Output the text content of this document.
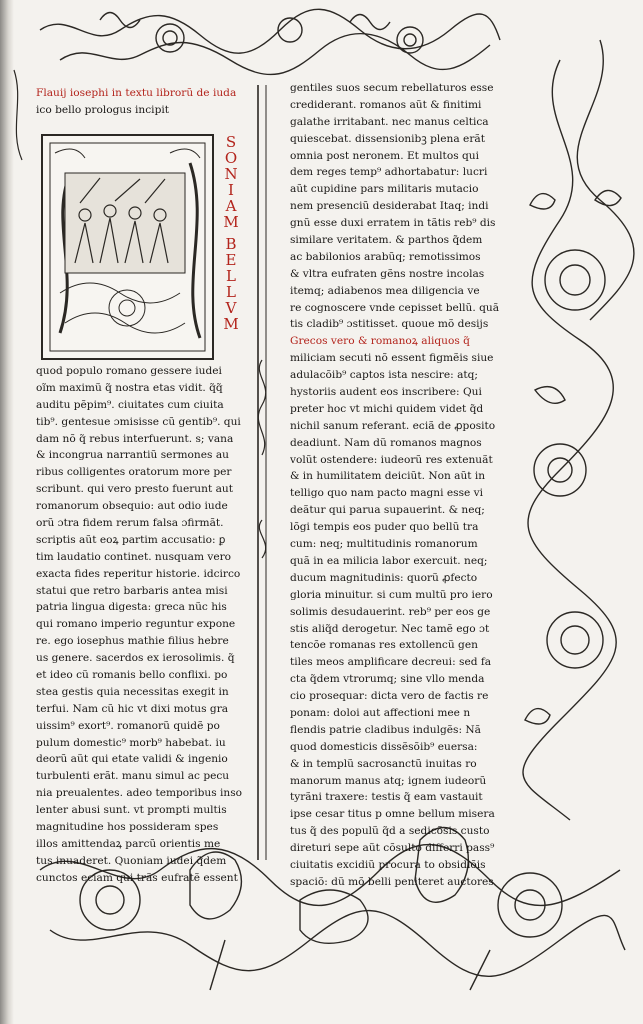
Flauij iosephi in textu librorũ de iuda
ico bello prologus incipit
S
O
N
I
A
M
B
E
L
L
V
M
quod populo romano gessere iudei
oĩm maximũ q̃ nostra etas vidit. q̃q̃
auditu pẽpim⁹. ciuitates cum ciuita
tib⁹. gentesue ɔmisisse cũ gentib⁹. qui
dam nõ q̃ rebus interfuerunt. s; vana
& incongrua narrantiũ sermones au
ribus colligentes oratorum more per
scribunt. qui vero presto fuerunt aut
romanorum obsequio: aut odio iude
orũ ɔtra fidem rerum falsa ɔfirmãt.
scriptis aũt eoꝝ partim accusatio: ꝑ
tim laudatio continet. nusquam vero
exacta fides reperitur historie. idcirco
statui que retro barbaris antea misi
patria lingua digesta: greca nũc his
qui romano imperio reguntur expone
re. ego iosephus mathie filius hebre
us genere. sacerdos ex ierosolimis. q̃
et ideo cũ romanis bello conflixi. po
stea gestis quia necessitas exegit in
terfui. Nam cũ hic vt dixi motus gra
uissim⁹ exort⁹. romanorũ quidẽ po
pulum domestic⁹ morb⁹ habebat. iu
deorũ aũt qui etate validi & ingenio
turbulenti erãt. manu simul ac pecu
nia preualentes. adeo temporibus inso
lenter abusi sunt. vt prompti multis
magnitudine hos possideram spes
illos amittendaꝝ parcũ orientis me
tus inuaderet. Quoniam iudei q̃dem
cunctos eciam qui trãs eufratẽ essent
gentiles suos secum rebellaturos esse
crediderant. romanos aũt & finitimi
galathe irritabant. nec manus celtica
quiescebat. dissensionibꝫ plena erãt
omnia post neronem. Et multos qui
dem reges temp⁹ adhortabatur: lucri
aũt cupidine pars militaris mutacio
nem presenciũ desiderabat Itaq; indi
gnũ esse duxi erratem in tãtis reb⁹ dis
similare veritatem. & parthos q̃dem
ac babilonios arabũq; remotissimos
& vltra eufraten gẽns nostre incolas
itemq; adiabenos mea diligencia ve
re cognoscere vnde cepisset bellũ. quã
tis cladib⁹ ɔstitisset. quoue mõ desijs
Grecos vero & romanoꝝ aliquos q̃
miliciam secuti nõ essent figmẽis siue
adulacõib⁹ captos ista nescire: atq;
hystoriis audent eos inscribere: Qui
preter hoc vt michi quidem videt q̃d
nichil sanum referant. eciã de ꝓposito
deadiunt. Nam dũ romanos magnos
volũt ostendere: iudeorũ res extenuãt
& in humilitatem deiciũt. Non aũt in
telligo quo nam pacto magni esse vi
deãtur qui parua supauerint. & neq;
lõgi tempis eos puder quo bellũ tra
cum: neq; multitudinis romanorum
quã in ea milicia labor exercuit. neq;
ducum magnitudinis: quorũ ꝓfecto
gloria minuitur. si cum multũ pro iero
solimis desudauerint. reb⁹ per eos ge
stis aliq̃d derogetur. Nec tamẽ ego ɔt
tencõe romanas res extollencũ gen
tiles meos amplificare decreui: sed fa
cta q̃dem vtrorumq; sine vllo menda
cio prosequar: dicta vero de factis re
ponam: doloi aut affectioni mee n
flendis patrie cladibus indulgẽs: Nã
quod domesticis dissẽsõib⁹ euersa:
& in templũ sacrosanctũ inuitas ro
manorum manus atq; ignem iudeorũ
tyrãni traxere: testis q̃ eam vastauit
ipse cesar titus p omne bellum misera
tus q̃ des populũ q̃d a sedicõsis custo
direturi sepe aũt cõsulto differri pass⁹
ciuitatis excidiũ procura to obsidiõis
spaciõ: dũ mõ belli peniteret auctores
